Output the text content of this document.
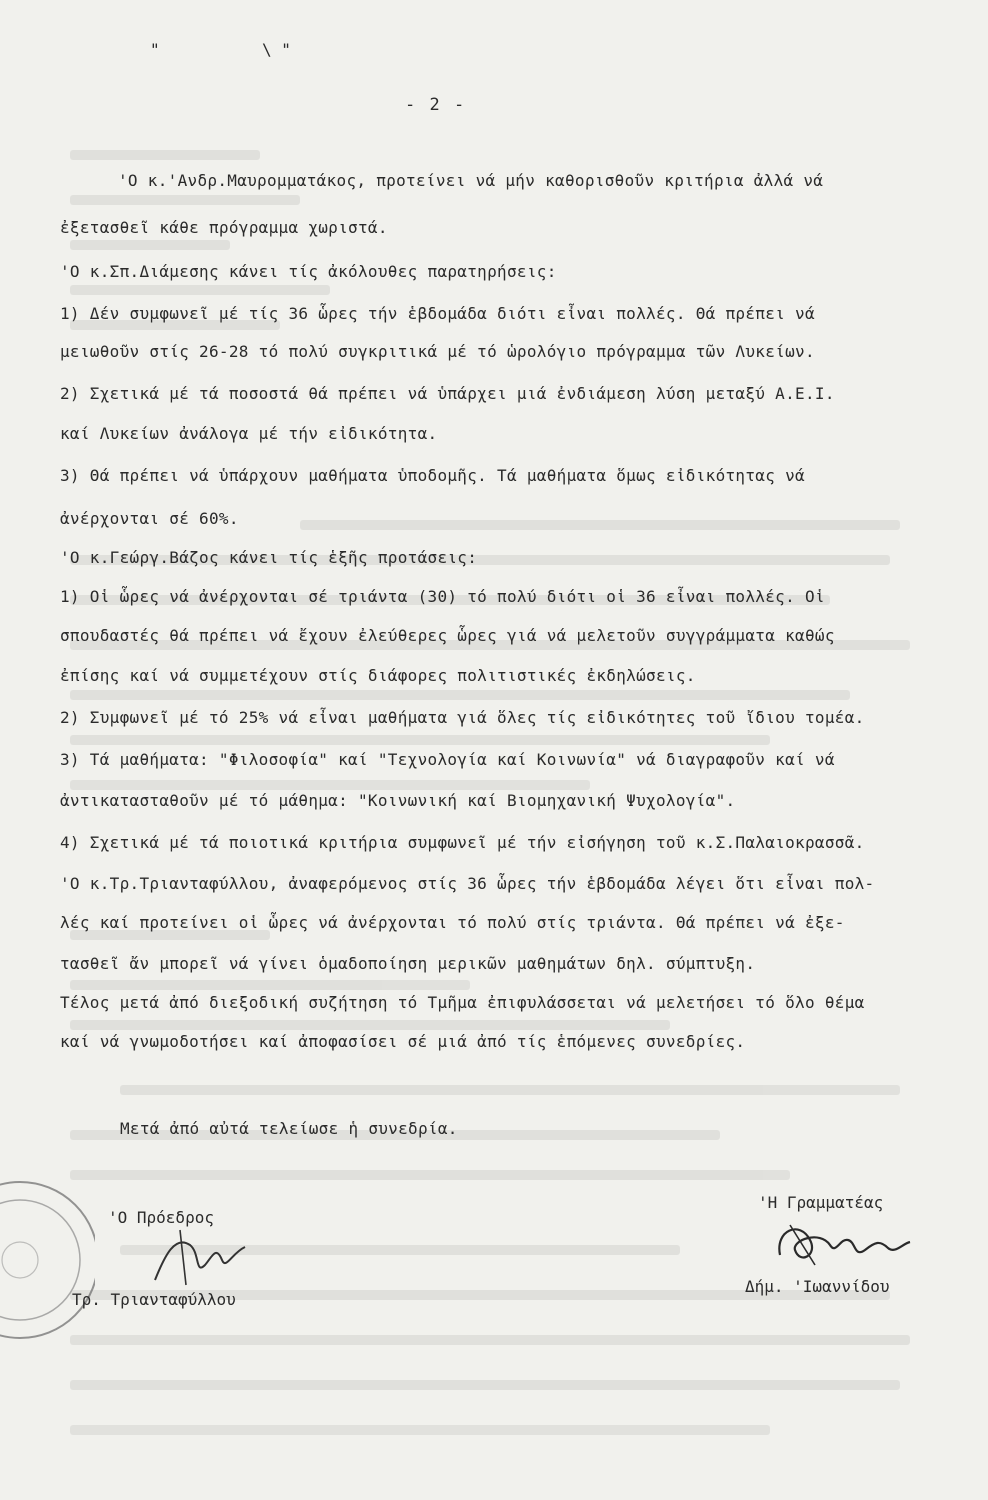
"	\ "
- 2 -
'Ο κ.'Ανδρ.Μαυρομματάκος, προτείνει νά μήν καθορισθοῦν κριτήρια ἀλλά νά
ἐξετασθεῖ κάθε πρόγραμμα χωριστά.
'Ο κ.Σπ.Διάμεσης κάνει τίς ἀκόλουθες παρατηρήσεις:
1) Δέν συμφωνεῖ μέ τίς 36 ὧρες τήν ἑβδομάδα διότι εἶναι πολλές. Θά πρέπει νά
μειωθοῦν στίς 26-28 τό πολύ συγκριτικά μέ τό ὡρολόγιο πρόγραμμα τῶν Λυκείων.
2) Σχετικά μέ τά ποσοστά θά πρέπει νά ὑπάρχει μιά ἐνδιάμεση λύση μεταξύ Α.Ε.Ι.
καί Λυκείων ἀνάλογα μέ τήν εἰδικότητα.
3) Θά πρέπει νά ὑπάρχουν μαθήματα ὑποδομῆς. Τά μαθήματα ὅμως εἰδικότητας νά
ἀνέρχονται σέ 60%.
'Ο κ.Γεώργ.Βάζος κάνει τίς ἑξῆς προτάσεις:
1) Οἱ ὧρες νά ἀνέρχονται σέ τριάντα (30) τό πολύ διότι οἱ 36 εἶναι πολλές. Οἱ
σπουδαστές θά πρέπει νά ἔχουν ἐλεύθερες ὧρες γιά νά μελετοῦν συγγράμματα καθώς
ἐπίσης καί νά συμμετέχουν στίς διάφορες πολιτιστικές ἐκδηλώσεις.
2) Συμφωνεῖ μέ τό 25% νά εἶναι μαθήματα γιά ὅλες τίς εἰδικότητες τοῦ ἴδιου τομέα.
3) Τά μαθήματα: "Φιλοσοφία" καί "Τεχνολογία καί Κοινωνία" νά διαγραφοῦν καί νά
ἀντικατασταθοῦν μέ τό μάθημα: "Κοινωνική καί Βιομηχανική Ψυχολογία".
4) Σχετικά μέ τά ποιοτικά κριτήρια συμφωνεῖ μέ τήν εἰσήγηση τοῦ κ.Σ.Παλαιοκρασσᾶ.
'Ο κ.Τρ.Τριανταφύλλου, ἀναφερόμενος στίς 36 ὧρες τήν ἑβδομάδα λέγει ὅτι εἶναι πολ-
λές καί προτείνει οἱ ὧρες νά ἀνέρχονται τό πολύ στίς τριάντα. Θά πρέπει νά ἐξε-
τασθεῖ ἄν μπορεῖ νά γίνει ὁμαδοποίηση μερικῶν μαθημάτων δηλ. σύμπτυξη.
Τέλος μετά ἀπό διεξοδική συζήτηση τό Τμῆμα ἐπιφυλάσσεται νά μελετήσει τό ὅλο θέμα
καί νά γνωμοδοτήσει καί ἀποφασίσει σέ μιά ἀπό τίς ἑπόμενες συνεδρίες.
Μετά ἀπό αὐτά τελείωσε ἡ συνεδρία.
'Ο Πρόεδρος
Τρ. Τριανταφύλλου
'Η Γραμματέας
Δήμ. 'Ιωαννίδου
